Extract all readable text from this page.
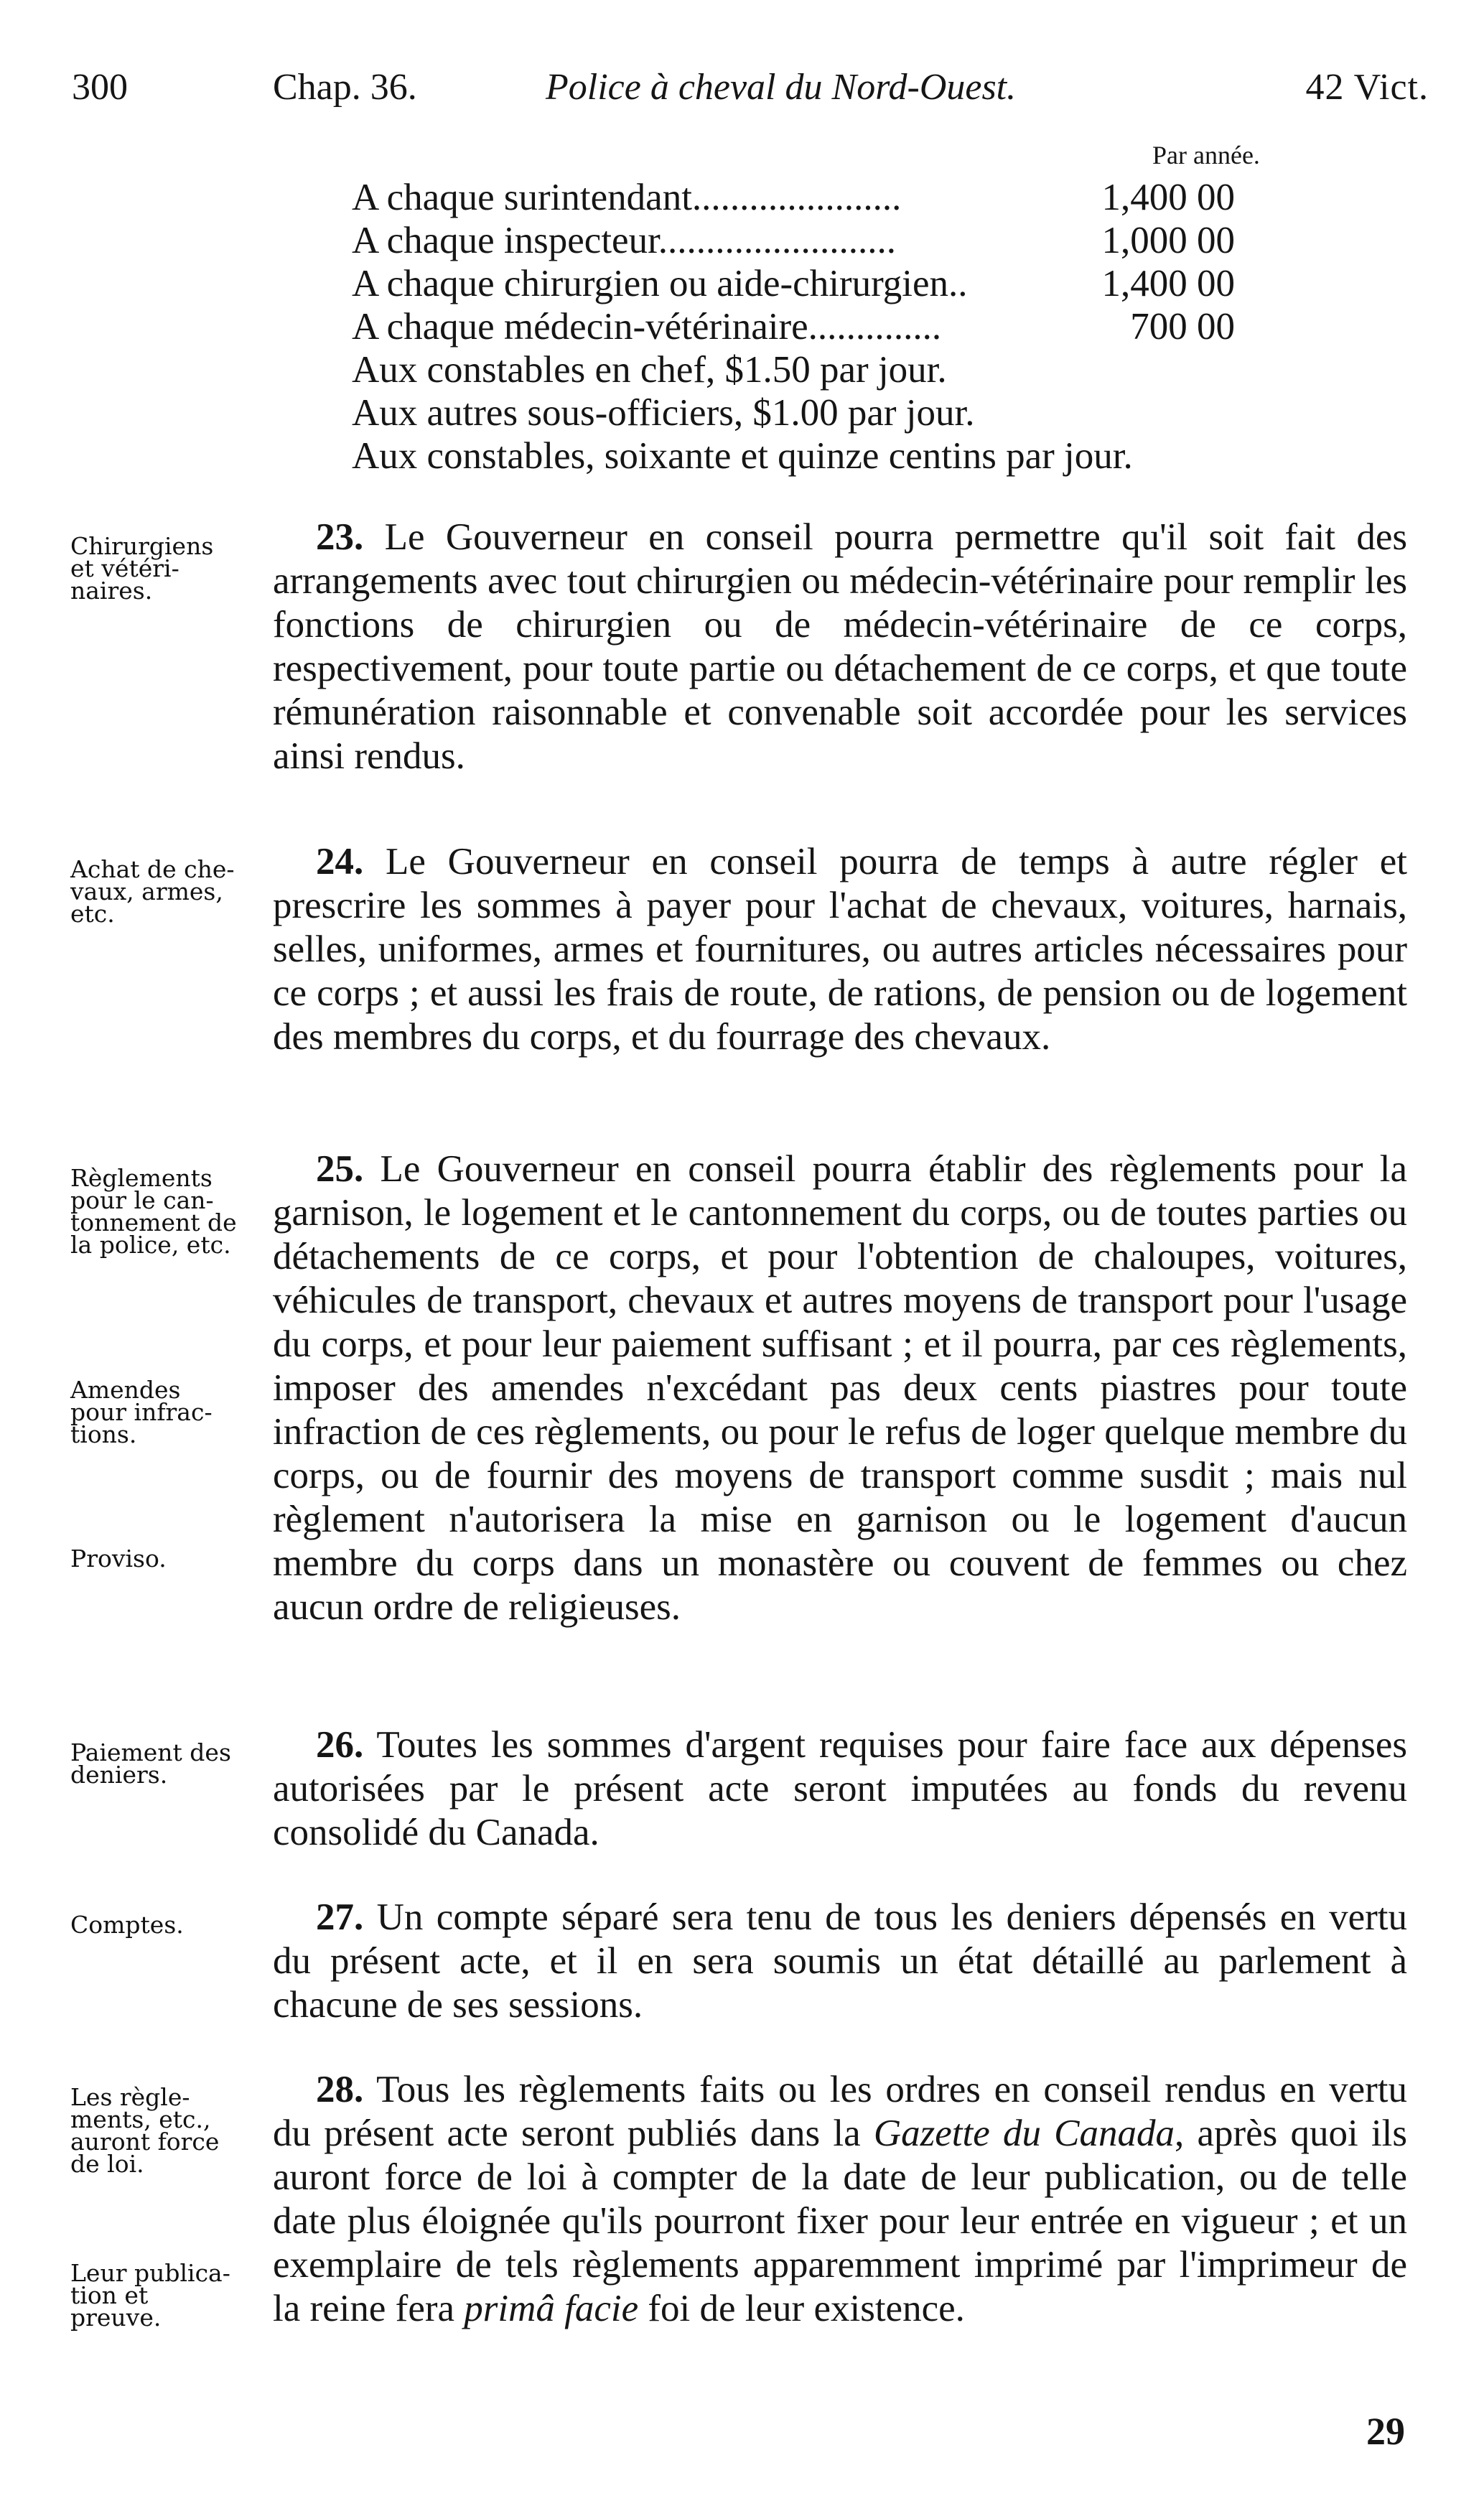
300	Chap. 36.	Police à cheval du Nord-Ouest.	42 Vict.
Par année.
A chaque surintendant......................	1,400 00
A chaque inspecteur.........................	1,000 00
A chaque chirurgien ou aide-chirurgien..	1,400 00
A chaque médecin-vétérinaire..............	700 00
Aux constables en chef, $1.50 par jour.
Aux autres sous-officiers, $1.00 par jour.
Aux constables, soixante et quinze centins par jour.
Chirurgiens
et vétéri-
naires.
Achat de che-
vaux, armes,
etc.
Règlements
pour le can-
tonnement de
la police, etc.
Amendes
pour infrac-
tions.
Proviso.
Paiement des
deniers.
Comptes.
Les règle-
ments, etc.,
auront force
de loi.
Leur publica-
tion et
preuve.

23. Le Gouverneur en conseil pourra permettre qu'il soit fait des arrangements avec tout chirurgien ou médecin-vétérinaire pour remplir les fonctions de chirurgien ou de médecin-vétérinaire de ce corps, respectivement, pour toute partie ou détachement de ce corps, et que toute rémunération raisonnable et convenable soit accordée pour les services ainsi rendus.

24. Le Gouverneur en conseil pourra de temps à autre régler et prescrire les sommes à payer pour l'achat de chevaux, voitures, harnais, selles, uniformes, armes et fournitures, ou autres articles nécessaires pour ce corps ; et aussi les frais de route, de rations, de pension ou de logement des membres du corps, et du fourrage des chevaux.

25. Le Gouverneur en conseil pourra établir des règlements pour la garnison, le logement et le cantonnement du corps, ou de toutes parties ou détachements de ce corps, et pour l'obtention de chaloupes, voitures, véhicules de transport, chevaux et autres moyens de transport pour l'usage du corps, et pour leur paiement suffisant ; et il pourra, par ces règlements, imposer des amendes n'excédant pas deux cents piastres pour toute infraction de ces règlements, ou pour le refus de loger quelque membre du corps, ou de fournir des moyens de transport comme susdit ; mais nul règlement n'autorisera la mise en garnison ou le logement d'aucun membre du corps dans un monastère ou couvent de femmes ou chez aucun ordre de religieuses.

26. Toutes les sommes d'argent requises pour faire face aux dépenses autorisées par le présent acte seront imputées au fonds du revenu consolidé du Canada.

27. Un compte séparé sera tenu de tous les deniers dépensés en vertu du présent acte, et il en sera soumis un état détaillé au parlement à chacune de ses sessions.

28. Tous les règlements faits ou les ordres en conseil rendus en vertu du présent acte seront publiés dans la Gazette du Canada, après quoi ils auront force de loi à compter de la date de leur publication, ou de telle date plus éloignée qu'ils pourront fixer pour leur entrée en vigueur ; et un exemplaire de tels règlements apparemment imprimé par l'imprimeur de la reine fera primâ facie foi de leur existence.

29
